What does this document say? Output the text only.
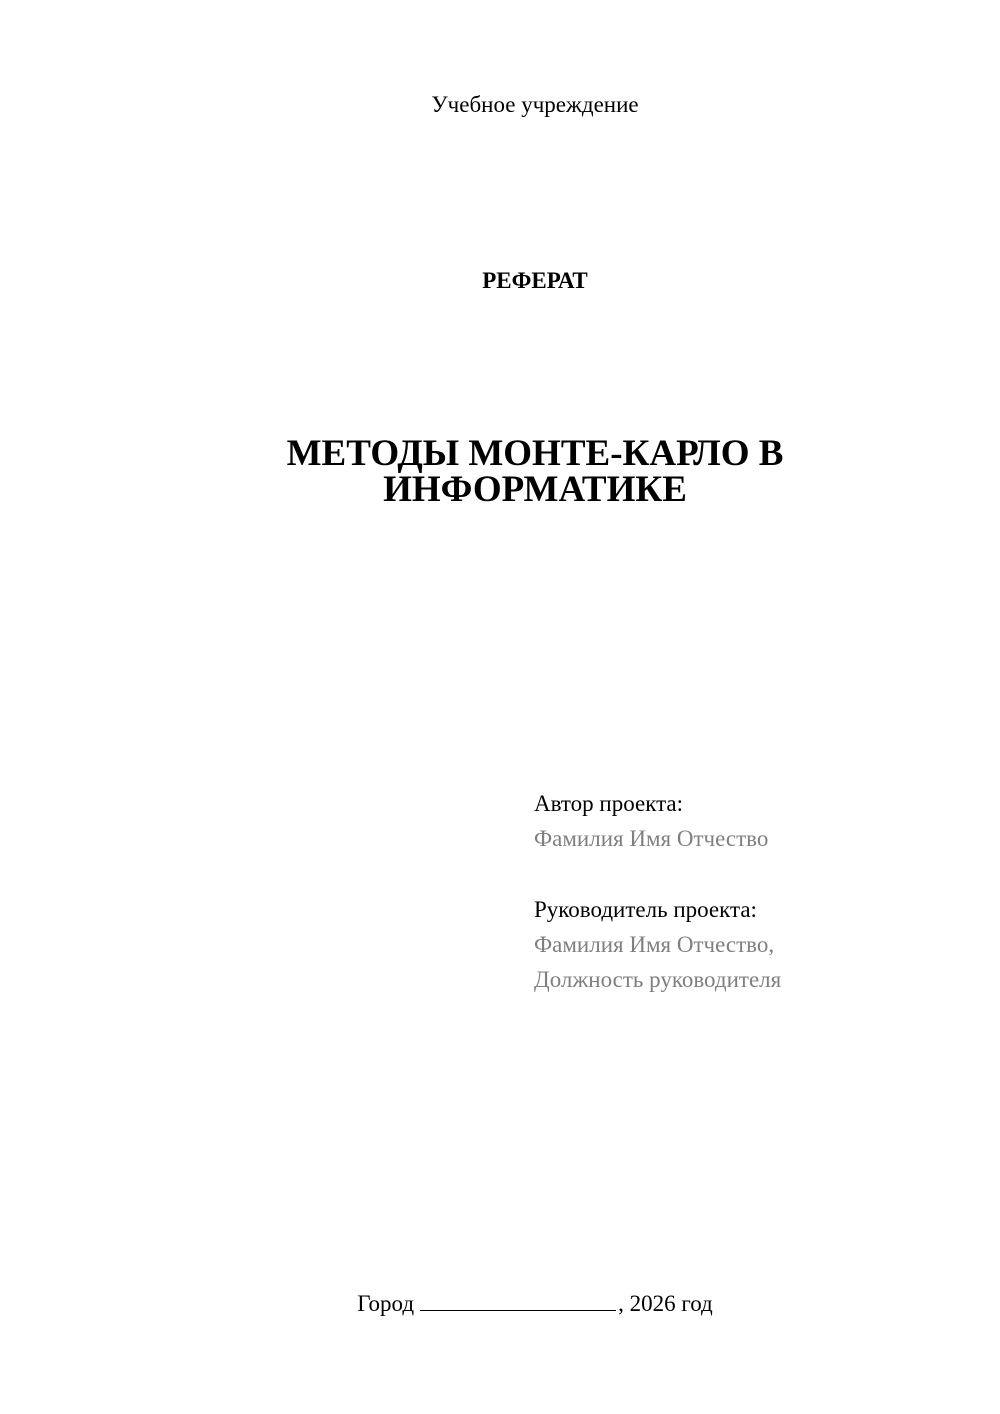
Учебное учреждение
РЕФЕРАТ
МЕТОДЫ МОНТЕ-КАРЛО В
ИНФОРМАТИКЕ
Автор проекта:
Фамилия Имя Отчество
Руководитель проекта:
Фамилия Имя Отчество,
Должность руководителя
Город	, 2026 год
